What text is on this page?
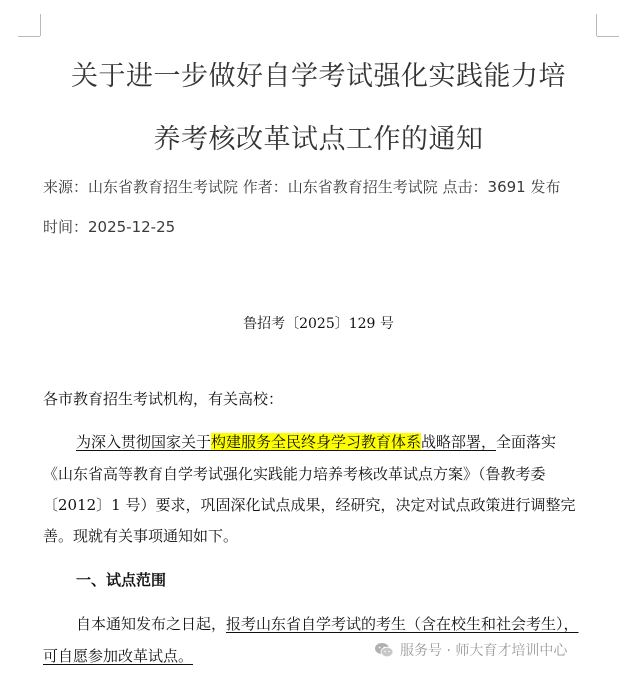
关于进一步做好自学考试强化实践能力培
养考核改革试点工作的通知
来源：山东省教育招生考试院 作者：山东省教育招生考试院 点击：3691 发布
时间：2025-12-25
鲁招考〔2025〕129 号
各市教育招生考试机构，有关高校：
为深入贯彻国家关于构建服务全民终身学习教育体系战略部署，全面落实
《山东省高等教育自学考试强化实践能力培养考核改革试点方案》（鲁教考委
〔2012〕1 号）要求，巩固深化试点成果，经研究，决定对试点政策进行调整完
善。现就有关事项通知如下。
一、试点范围
自本通知发布之日起，报考山东省自学考试的考生（含在校生和社会考生），
可自愿参加改革试点。	服务号 · 师大育才培训中心
